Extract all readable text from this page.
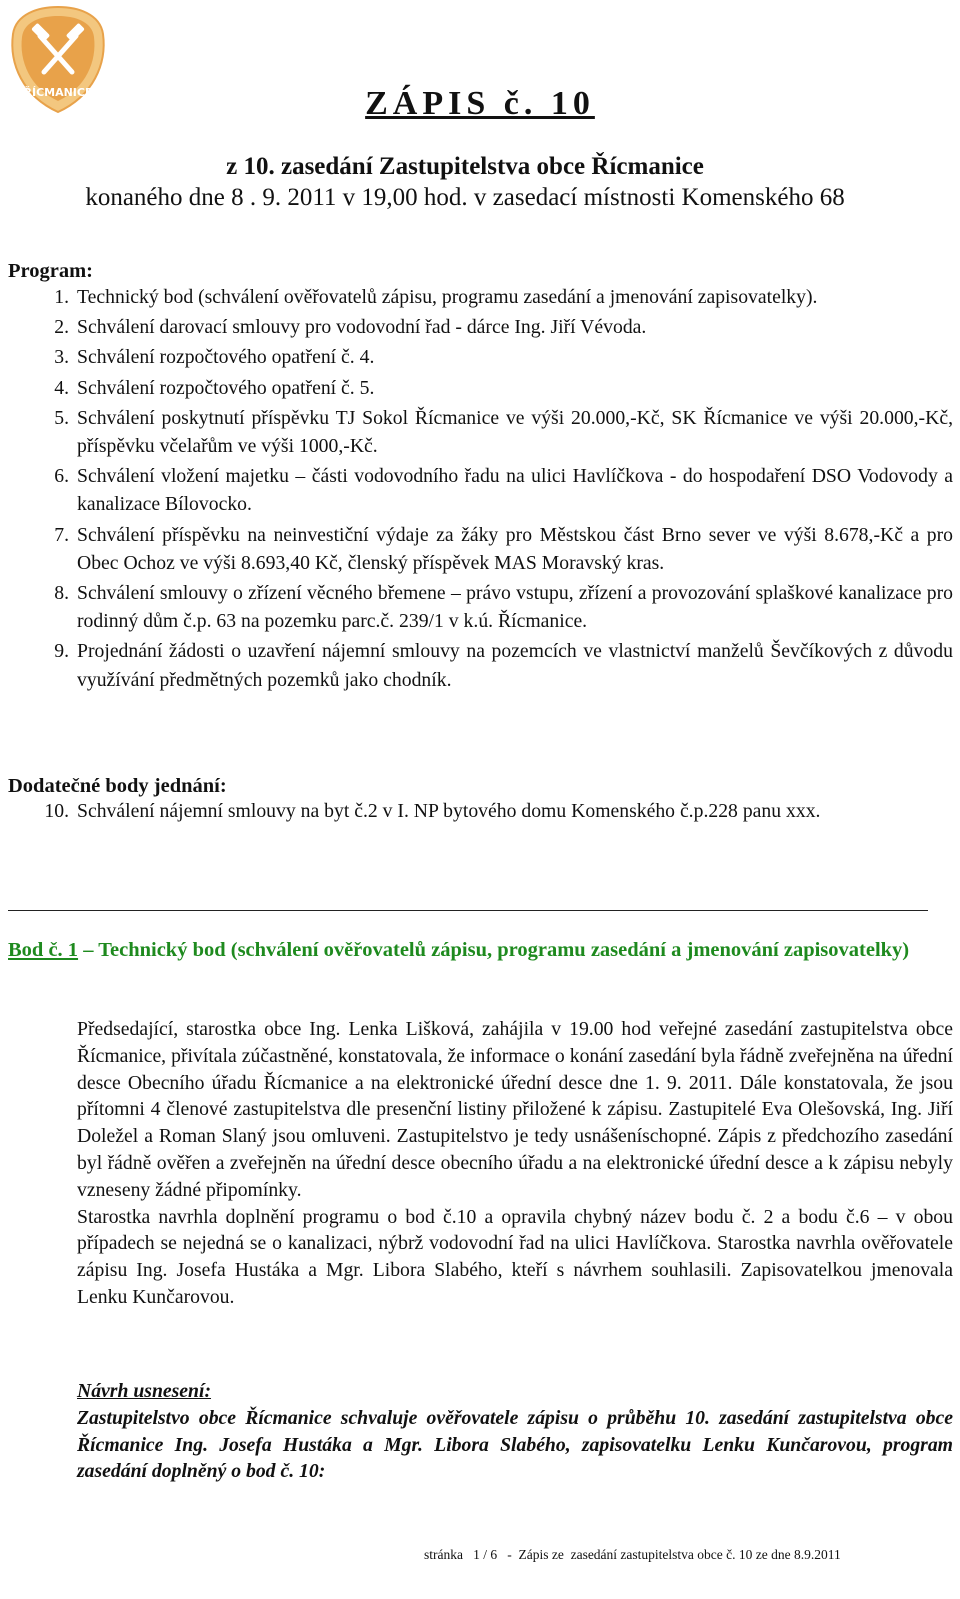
ŘÍCMANICE	ZÁPIS č. 10
z 10. zasedání Zastupitelstva obce Řícmanice
konaného dne 8 . 9. 2011 v 19,00 hod. v zasedací místnosti Komenského 68
Program:
1. Technický bod (schválení ověřovatelů zápisu, programu zasedání a jmenování zapisovatelky).
2. Schválení darovací smlouvy pro vodovodní řad - dárce Ing. Jiří Vévoda.
3. Schválení rozpočtového opatření č. 4.
4. Schválení rozpočtového opatření č. 5.
5. Schválení poskytnutí příspěvku TJ Sokol Řícmanice ve výši 20.000,-Kč, SK Řícmanice ve výši 20.000,-Kč, příspěvku včelařům ve výši 1000,-Kč.
6. Schválení vložení majetku – části vodovodního řadu na ulici Havlíčkova - do hospodaření DSO Vodovody a kanalizace Bílovocko.
7. Schválení příspěvku na neinvestiční výdaje za žáky pro Městskou část Brno sever ve výši 8.678,-Kč a pro Obec Ochoz ve výši 8.693,40 Kč, členský příspěvek MAS Moravský kras.
8. Schválení smlouvy o zřízení věcného břemene – právo vstupu, zřízení a provozování splaškové kanalizace pro rodinný dům č.p. 63 na pozemku parc.č. 239/1 v k.ú. Řícmanice.
9. Projednání žádosti o uzavření nájemní smlouvy na pozemcích ve vlastnictví manželů Ševčíkových z důvodu využívání předmětných pozemků jako chodník.
Dodatečné body jednání:
10. Schválení nájemní smlouvy na byt č.2 v I. NP bytového domu Komenského č.p.228 panu xxx.
Bod č. 1 – Technický bod (schválení ověřovatelů zápisu, programu zasedání a jmenování zapisovatelky)

Předsedající, starostka obce Ing. Lenka Lišková, zahájila v 19.00 hod veřejné zasedání zastupitelstva obce Řícmanice, přivítala zúčastněné, konstatovala, že informace o konání zasedání byla řádně zveřejněna na úřední desce Obecního úřadu Řícmanice a na elektronické úřední desce dne 1. 9. 2011. Dále konstatovala, že jsou přítomni 4 členové zastupitelstva dle presenční listiny přiložené k zápisu. Zastupitelé Eva Olešovská, Ing. Jiří Doležel a Roman Slaný jsou omluveni. Zastupitelstvo je tedy usnášeníschopné. Zápis z předchozího zasedání byl řádně ověřen a zveřejněn na úřední desce obecního úřadu a na elektronické úřední desce a k zápisu nebyly vzneseny žádné připomínky.

Starostka navrhla doplnění programu o bod č.10 a opravila chybný název bodu č. 2 a bodu č.6 – v obou případech se nejedná se o kanalizaci, nýbrž vodovodní řad na ulici Havlíčkova. Starostka navrhla ověřovatele zápisu Ing. Josefa Hustáka a Mgr. Libora Slabého, kteří s návrhem souhlasili. Zapisovatelkou jmenovala Lenku Kunčarovou.

Návrh usnesení:
Zastupitelstvo obce Řícmanice schvaluje ověřovatele zápisu o průběhu 10. zasedání zastupitelstva obce Řícmanice Ing. Josefa Hustáka a Mgr. Libora Slabého, zapisovatelku Lenku Kunčarovou, program zasedání doplněný o bod č. 10:
stránka   1 / 6   -  Zápis ze  zasedání zastupitelstva obce č. 10 ze dne 8.9.2011
